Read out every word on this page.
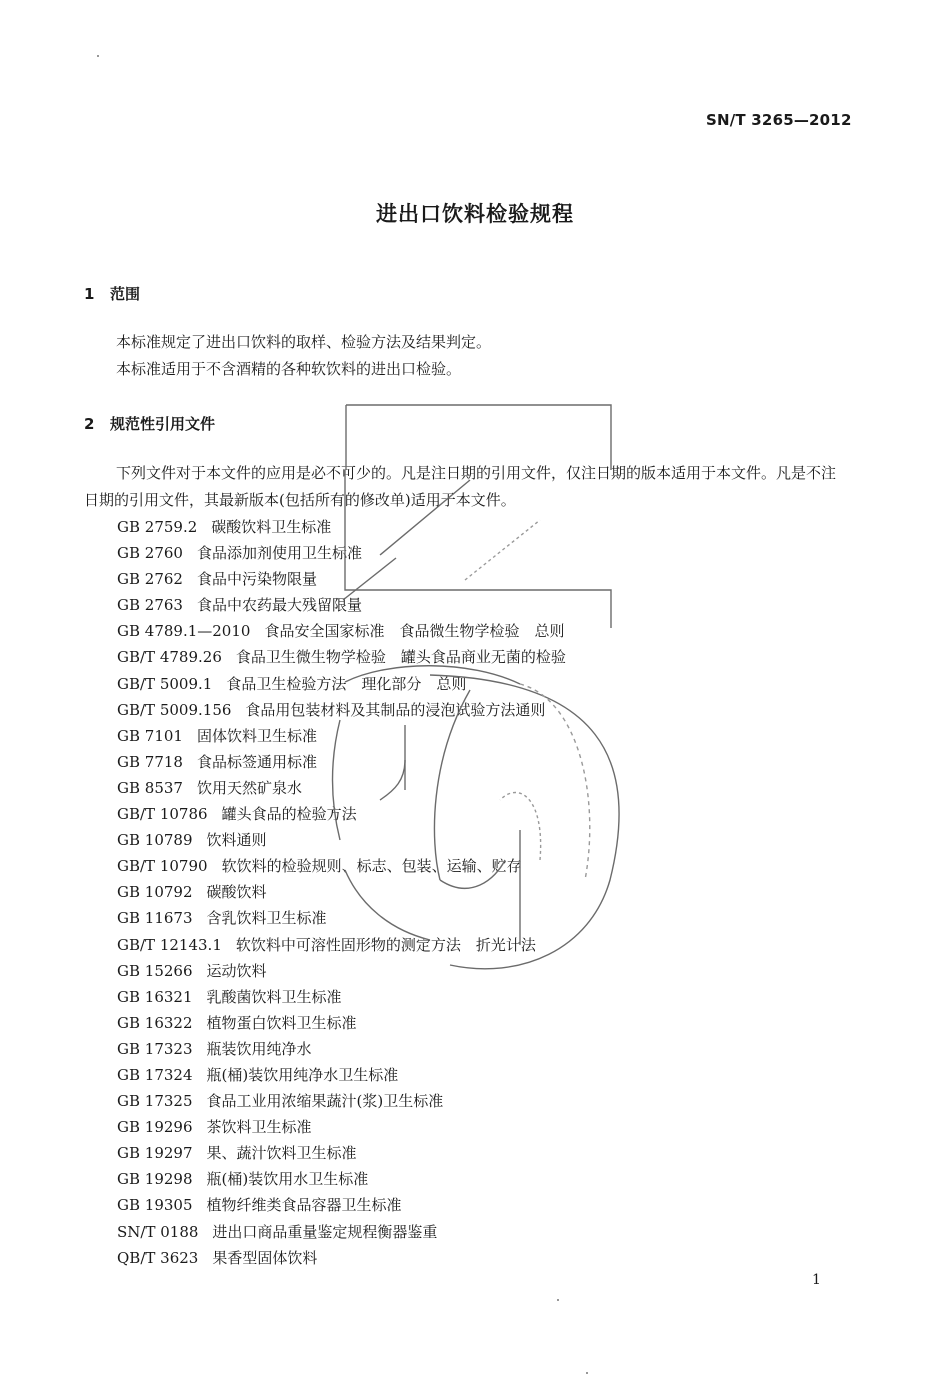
SN/T 3265—2012
进出口饮料检验规程
1 范围

本标准规定了进出口饮料的取样、检验方法及结果判定。

本标准适用于不含酒精的各种软饮料的进出口检验。

2 规范性引用文件

下列文件对于本文件的应用是必不可少的。凡是注日期的引用文件，仅注日期的版本适用于本文件。凡是不注日期的引用文件，其最新版本(包括所有的修改单)适用于本文件。

GB 2759.2 碳酸饮料卫生标准
GB 2760 食品添加剂使用卫生标准
GB 2762 食品中污染物限量
GB 2763 食品中农药最大残留限量
GB 4789.1—2010 食品安全国家标准　食品微生物学检验　总则
GB/T 4789.26 食品卫生微生物学检验　罐头食品商业无菌的检验
GB/T 5009.1 食品卫生检验方法　理化部分　总则
GB/T 5009.156 食品用包装材料及其制品的浸泡试验方法通则
GB 7101 固体饮料卫生标准
GB 7718 食品标签通用标准
GB 8537 饮用天然矿泉水
GB/T 10786 罐头食品的检验方法
GB 10789 饮料通则
GB/T 10790 软饮料的检验规则、标志、包装、运输、贮存
GB 10792 碳酸饮料
GB 11673 含乳饮料卫生标准
GB/T 12143.1 软饮料中可溶性固形物的测定方法　折光计法
GB 15266 运动饮料
GB 16321 乳酸菌饮料卫生标准
GB 16322 植物蛋白饮料卫生标准
GB 17323 瓶装饮用纯净水
GB 17324 瓶(桶)装饮用纯净水卫生标准
GB 17325 食品工业用浓缩果蔬汁(浆)卫生标准
GB 19296 茶饮料卫生标准
GB 19297 果、蔬汁饮料卫生标准
GB 19298 瓶(桶)装饮用水卫生标准
GB 19305 植物纤维类食品容器卫生标准
SN/T 0188 进出口商品重量鉴定规程衡器鉴重
QB/T 3623 果香型固体饮料
1
